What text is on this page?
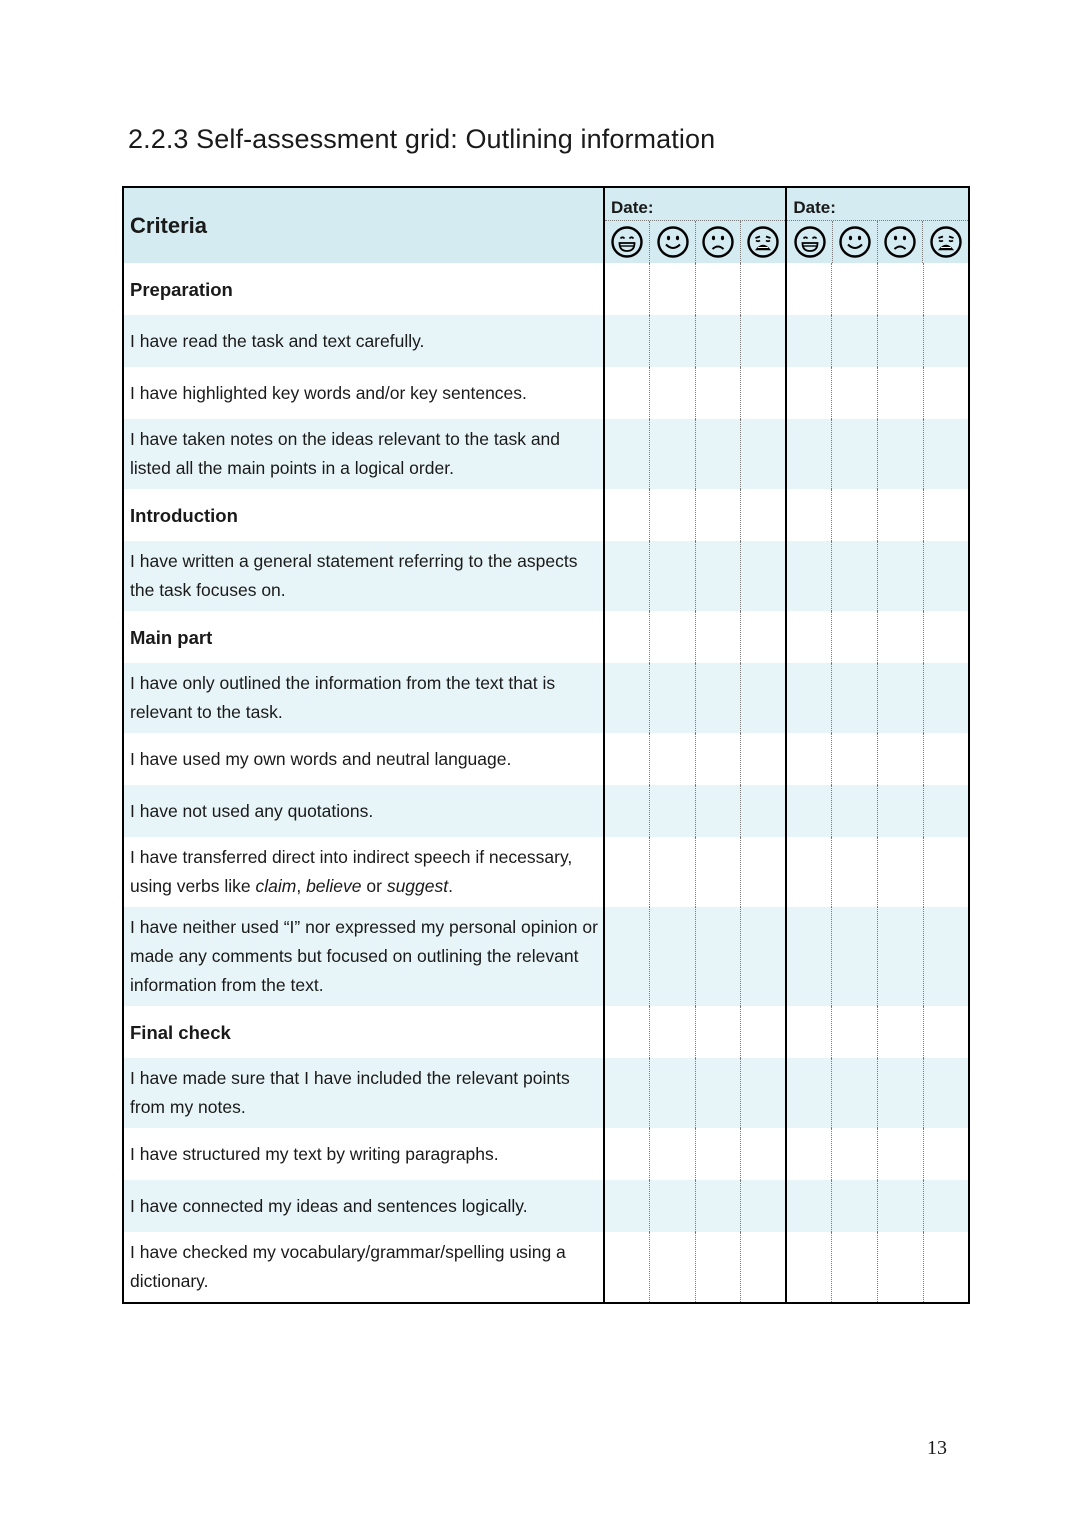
2.2.3 Self-assessment grid: Outlining information
Criteria	Date:				Date:			

Preparation								
I have read the task and text carefully.								
I have highlighted key words and/or key sentences.								
I have taken notes on the ideas relevant to the task and listed all the main points in a logical order.								
Introduction								
I have written a general statement referring to the aspects the task focuses on.								
Main part								
I have only outlined the information from the text that is relevant to the task.								
I have used my own words and neutral language.								
I have not used any quotations.								
I have transferred direct into indirect speech if necessary, using verbs like claim, believe or suggest.								
I have neither used “I” nor expressed my personal opinion or made any comments but focused on outlining the relevant information from the text.								
Final check								
I have made sure that I have included the relevant points from my notes.								
I have structured my text by writing paragraphs.								
I have connected my ideas and sentences logically.								
I have checked my vocabulary/grammar/spelling using a dictionary.								

13
